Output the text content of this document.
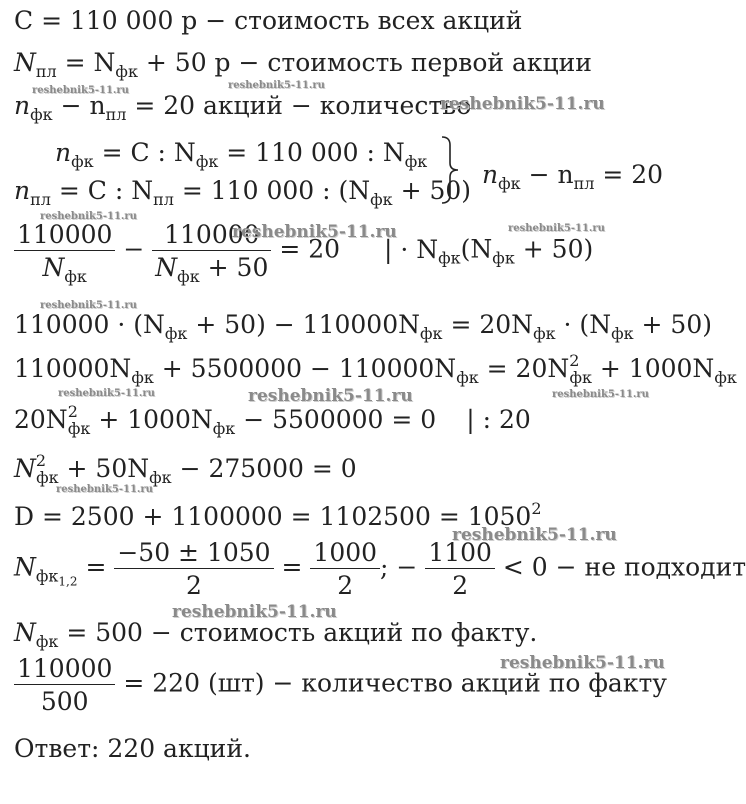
C = 110 000 р − стоимость всех акций
$N_{пл} = N_{фк} + 50$ р − стоимость первой акции
$n_{фк} - n_{пл} = 20$ акций − количество
$n_{фк} = C$ : $N_{фк} = 110$ 000 : $N_{фк}$
$n_{пл} = C$ : $N_{пл} = 110$ 000 : $(N_{фк} + 50)$
$n_{фк} - n_{пл} = 20$
$\frac{110000}{N_{фк}} - \frac{110000}{N_{фк} + 50} = 20$ | · $N_{фк}(N_{фк} + 50)$
$110000 \cdot (N_{фк} + 50) - 110000N_{фк} = 20N_{фк} \cdot (N_{фк} + 50)$
$110000N_{фк} + 5500000 - 110000N_{фк} = 20N^2_{фк} + 1000N_{фк}$
$20N^2_{фк} + 1000N_{фк} - 5500000 = 0$ | : 20
$N^2_{фк} + 50N_{фк} - 275000 = 0$
$D = 2500 + 1100000 = 1102500 = 1050^2$
$N_{фк1,2} = \frac{-50 \pm 1050}{2} = \frac{1000}{2}$ ; − $\frac{1100}{2} < 0$ − не подходит
$N_{фк} = 500$ − стоимость акций по факту.
$\frac{110000}{500} = 220$ (шт) − количество акций по факту
Ответ: 220 акций.
reshebnik5-11.ru
reshebnik5-11.ru
reshebnik5-11.ru
reshebnik5-11.ru
reshebnik5-11.ru	reshebnik5-11.ru
reshebnik5-11.ru
reshebnik5-11.ru	reshebnik5-11.ru	reshebnik5-11.ru
reshebnik5-11.ru
reshebnik5-11.ru
reshebnik5-11.ru
reshebnik5-11.ru
